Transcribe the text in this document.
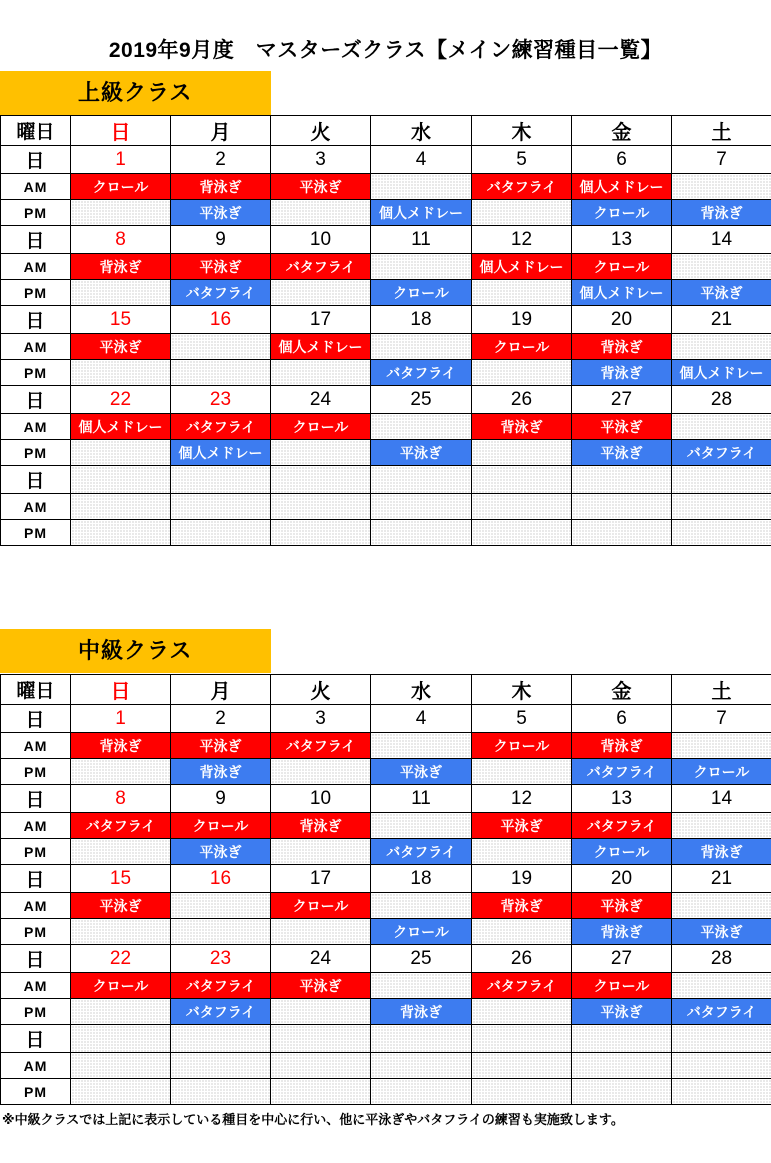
2019年9月度　マスターズクラス【メイン練習種目一覧】
上級クラス
曜日	日	月	火	水	木	金	土
日	1	2	3	4	5	6	7
AM	クロール	背泳ぎ	平泳ぎ		バタフライ	個人メドレー	
PM		平泳ぎ		個人メドレー		クロール	背泳ぎ
日	8	9	10	11	12	13	14
AM	背泳ぎ	平泳ぎ	バタフライ		個人メドレー	クロール	
PM		バタフライ		クロール		個人メドレー	平泳ぎ
日	15	16	17	18	19	20	21
AM	平泳ぎ		個人メドレー		クロール	背泳ぎ	
PM				バタフライ		背泳ぎ	個人メドレー
日	22	23	24	25	26	27	28
AM	個人メドレー	バタフライ	クロール		背泳ぎ	平泳ぎ	
PM		個人メドレー		平泳ぎ		平泳ぎ	バタフライ
日							
AM							
PM							
中級クラス
曜日	日	月	火	水	木	金	土
日	1	2	3	4	5	6	7
AM	背泳ぎ	平泳ぎ	バタフライ		クロール	背泳ぎ	
PM		背泳ぎ		平泳ぎ		バタフライ	クロール
日	8	9	10	11	12	13	14
AM	バタフライ	クロール	背泳ぎ		平泳ぎ	バタフライ	
PM		平泳ぎ		バタフライ		クロール	背泳ぎ
日	15	16	17	18	19	20	21
AM	平泳ぎ		クロール		背泳ぎ	平泳ぎ	
PM				クロール		背泳ぎ	平泳ぎ
日	22	23	24	25	26	27	28
AM	クロール	バタフライ	平泳ぎ		バタフライ	クロール	
PM		バタフライ		背泳ぎ		平泳ぎ	バタフライ
日							
AM							
PM							
※中級クラスでは上記に表示している種目を中心に行い、他に平泳ぎやバタフライの練習も実施致します。
